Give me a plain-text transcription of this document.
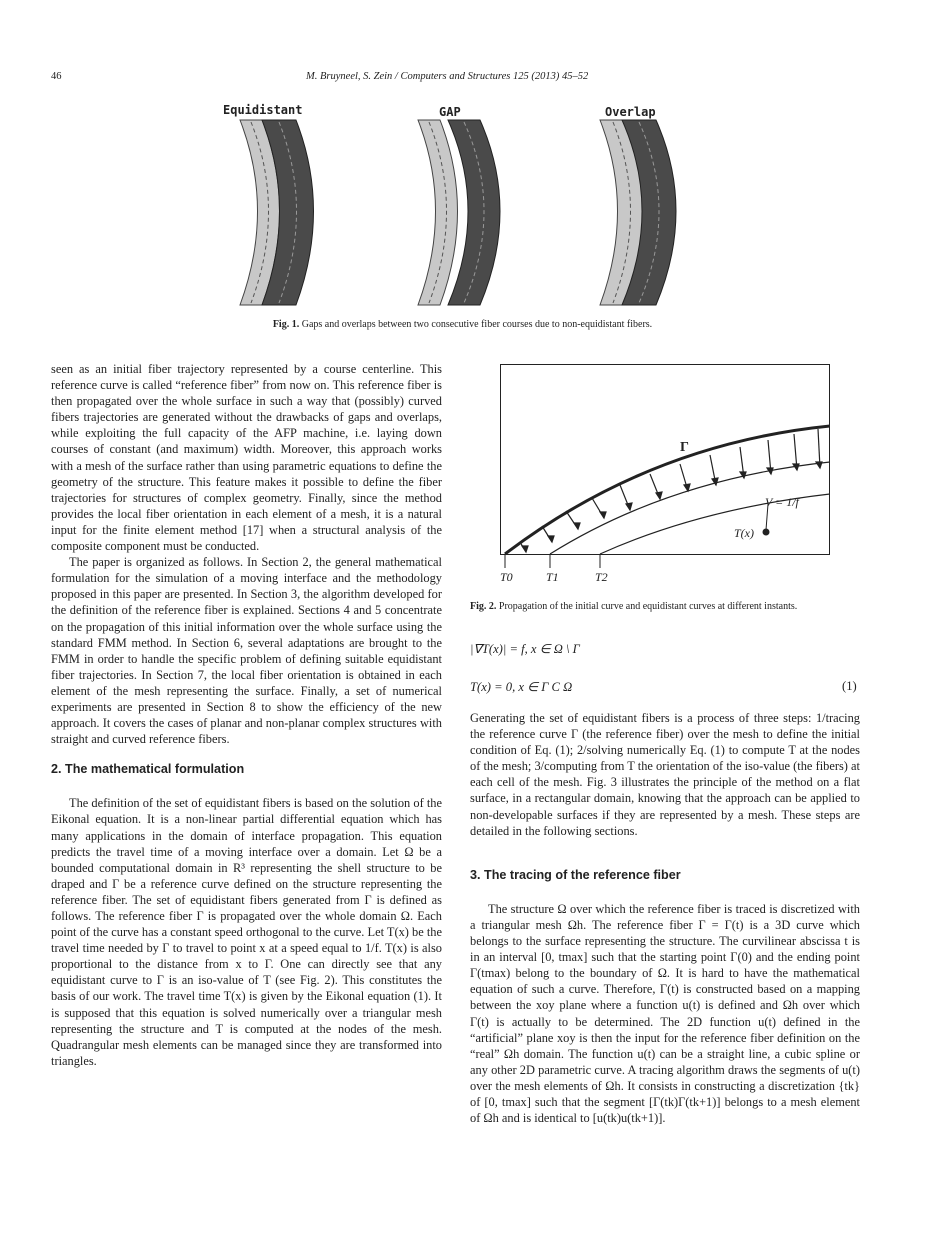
46	M. Bruyneel, S. Zein / Computers and Structures 125 (2013) 45–52
Equidistant	GAP	Overlap
Fig. 1. Gaps and overlaps between two consecutive fiber courses due to non-equidistant fibers.

seen as an initial fiber trajectory represented by a course centerline. This reference curve is called “reference fiber” from now on. This reference fiber is then propagated over the whole surface in such a way that (possibly) curved fibers trajectories are generated without the drawbacks of gaps and overlaps, while exploiting the full capacity of the AFP machine, i.e. laying down courses of constant (and maximum) width. Moreover, this approach works with a mesh of the surface rather than using parametric equations to define the geometry of the structure. This feature makes it possible to define the fiber trajectories for structures of complex geometry. Finally, since the method provides the local fiber orientation in each element of a mesh, it is a natural input for the finite element method [17] when a structural analysis of the composite component must be conducted.

The paper is organized as follows. In Section 2, the general mathematical formulation for the simulation of a moving interface and the methodology proposed in this paper are presented. In Section 3, the algorithm developed for the definition of the reference fiber is explained. Sections 4 and 5 concentrate on the propagation of this initial information over the whole surface using the standard FMM method. In Section 6, several adaptations are brought to the FMM in order to handle the specific problem of defining suitable equidistant fiber trajectories. In Section 7, the local fiber orientation is obtained in each element of the mesh representing the surface. Finally, a set of numerical experiments are presented in Section 8 to show the efficiency of the new approach. It covers the cases of planar and non-planar complex structures with straight and curved reference fibers.

2. The mathematical formulation

The definition of the set of equidistant fibers is based on the solution of the Eikonal equation. It is a non-linear partial differential equation which has many applications in the domain of interface propagation. This equation predicts the travel time of a moving interface over a domain. Let Ω be a bounded computational domain in R³ representing the shell structure to be draped and Γ be a reference curve defined on the structure representing the reference fiber. The set of equidistant fibers generated from Γ is defined as follows. The reference fiber Γ is propagated over the whole domain Ω. Each point of the curve has a constant speed orthogonal to the curve. Let T(x) be the travel time needed by Γ to travel to point x at a speed equal to 1/f. T(x) is also proportional to the distance from x to Γ. One can directly see that any equidistant curve to Γ is an iso-value of T (see Fig. 2). This constitutes the basis of our work. The travel time T(x) is given by the Eikonal equation (1). It is supposed that this equation is solved numerically over a triangular mesh representing the structure and T is computed at the nodes of the mesh. Quadrangular mesh elements can be managed since they are transformed into triangles.

Γ
V = 1/f
T(x)
T0	T1	T2
Fig. 2. Propagation of the initial curve and equidistant curves at different instants.
|∇T(x)| = f, x ∈ Ω \ Γ
T(x) = 0, x ∈ Γ C Ω	(1)

Generating the set of equidistant fibers is a process of three steps: 1/tracing the reference curve Γ (the reference fiber) over the mesh to define the initial condition of Eq. (1); 2/solving numerically Eq. (1) to compute T at the nodes of the mesh; 3/computing from T the orientation of the iso-value (the fibers) at each cell of the mesh. Fig. 3 illustrates the principle of the method on a flat surface, in a rectangular domain, knowing that the approach can be applied to non-developable surfaces if they are represented by a mesh. These steps are detailed in the following sections.

3. The tracing of the reference fiber

The structure Ω over which the reference fiber is traced is discretized with a triangular mesh Ωh. The reference fiber Γ = Γ(t) is a 3D curve which belongs to the surface representing the structure. The curvilinear abscissa t is in an interval [0, tmax] such that the starting point Γ(0) and the ending point Γ(tmax) belong to the boundary of Ω. It is hard to have the mathematical equation of such a curve. Therefore, Γ(t) is constructed based on a mapping between the xoy plane where a function u(t) is defined and Ωh over which Γ(t) is actually to be determined. The 2D function u(t) defined in the “artificial” plane xoy is then the input for the reference fiber definition on the “real” Ωh domain. The function u(t) can be a straight line, a cubic spline or any other 2D parametric curve. A tracing algorithm draws the segments of u(t) over the mesh elements of Ωh. It consists in constructing a discretization {tk} of [0, tmax] such that the segment [Γ(tk)Γ(tk+1)] belongs to a mesh element of Ωh and is identical to [u(tk)u(tk+1)].
